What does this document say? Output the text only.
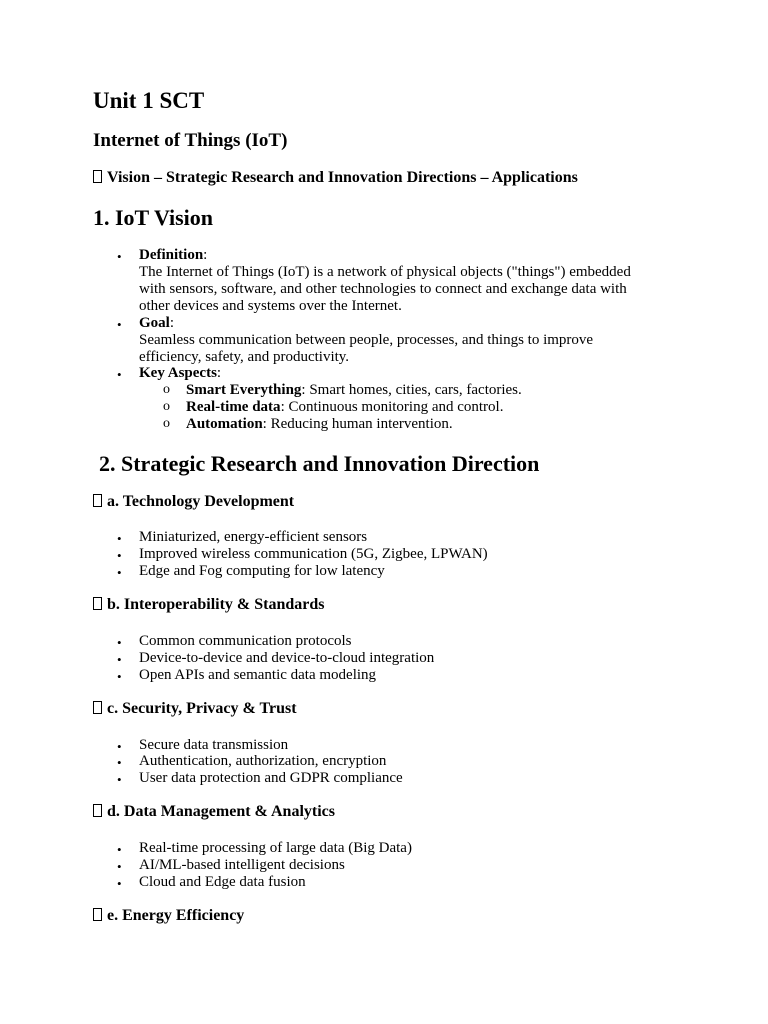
Unit 1 SCT
Internet of Things (IoT)
Vision – Strategic Research and Innovation Directions – Applications
1. IoT Vision
• Definition:
The Internet of Things (IoT) is a network of physical objects ("things") embedded
with sensors, software, and other technologies to connect and exchange data with
other devices and systems over the Internet.
• Goal:
Seamless communication between people, processes, and things to improve
efficiency, safety, and productivity.
• Key Aspects:
o Smart Everything: Smart homes, cities, cars, factories.
o Real-time data: Continuous monitoring and control.
o Automation: Reducing human intervention.
2. Strategic Research and Innovation Direction
a. Technology Development
• Miniaturized, energy-efficient sensors
• Improved wireless communication (5G, Zigbee, LPWAN)
• Edge and Fog computing for low latency
b. Interoperability & Standards
• Common communication protocols
• Device-to-device and device-to-cloud integration
• Open APIs and semantic data modeling
c. Security, Privacy & Trust
• Secure data transmission
• Authentication, authorization, encryption
• User data protection and GDPR compliance
d. Data Management & Analytics
• Real-time processing of large data (Big Data)
• AI/ML-based intelligent decisions
• Cloud and Edge data fusion
e. Energy Efficiency
